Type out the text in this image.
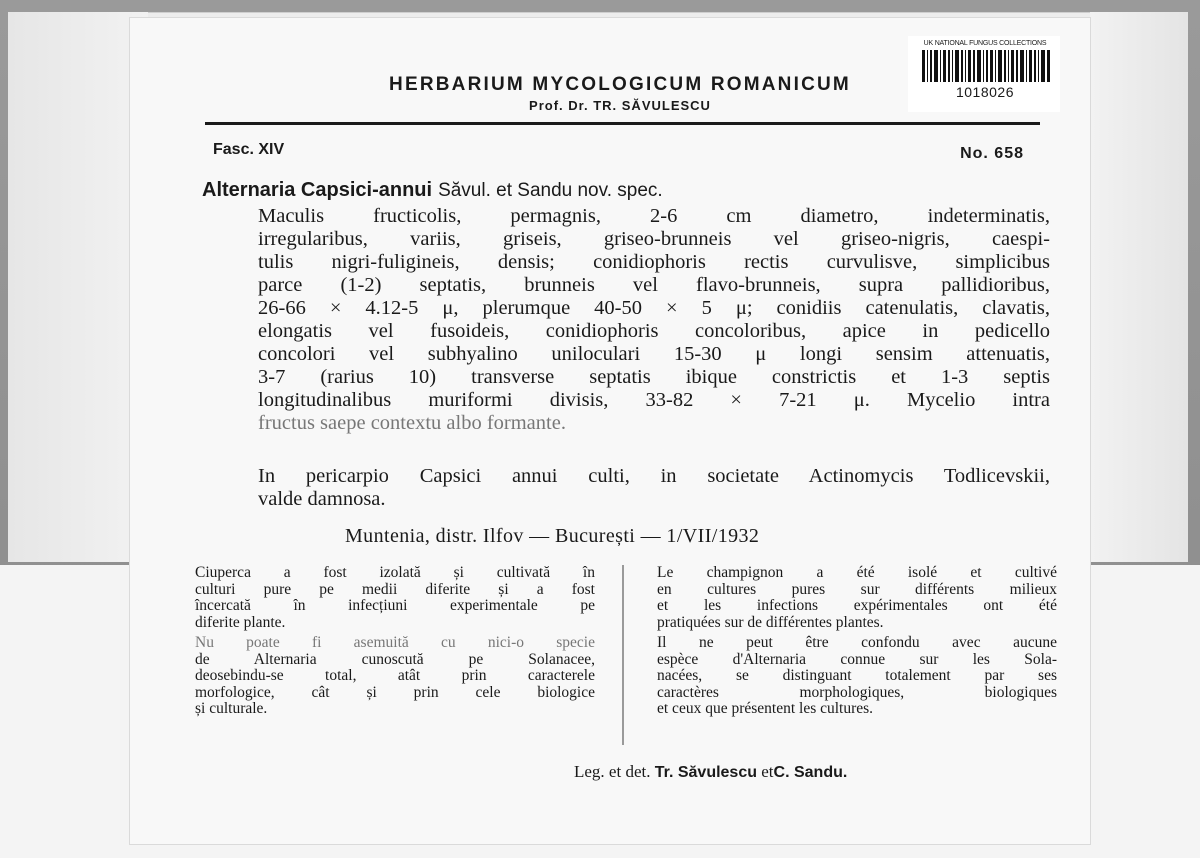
HERBARIUM MYCOLOGICUM ROMANICUM
Prof. Dr. TR. SĂVULESCU
UK NATIONAL FUNGUS COLLECTIONS
1018026
Fasc. XIV	No. 658
Alternaria Capsici-annui Săvul. et Sandu nov. spec.
Maculis fructicolis, permagnis, 2-6 cm diametro, indeterminatis,
irregularibus, variis, griseis, griseo-brunneis vel griseo-nigris, caespi-
tulis nigri-fuligineis, densis; conidiophoris rectis curvulisve, simplicibus
parce (1-2) septatis, brunneis vel flavo-brunneis, supra pallidioribus,
26-66 × 4.12-5 μ, plerumque 40-50 × 5 μ; conidiis catenulatis, clavatis,
elongatis vel fusoideis, conidiophoris concoloribus, apice in pedicello
concolori vel subhyalino uniloculari 15-30 μ longi sensim attenuatis,
3-7 (rarius 10) transverse septatis ibique constrictis et 1-3 septis
longitudinalibus muriformi divisis, 33-82 × 7-21 μ. Mycelio intra
fructus saepe contextu albo formante.
In pericarpio Capsici annui culti, in societate Actinomycis Todlicevskii,
valde damnosa.
Muntenia, distr. Ilfov — București — 1/VII/1932
Ciuperca a fost izolată și cultivată în
culturi pure pe medii diferite și a fost
încercată în infecțiuni experimentale pe
diferite plante.
Nu poate fi asemuită cu nici-o specie
de Alternaria cunoscută pe Solanacee,
deosebindu-se total, atât prin caracterele
morfologice, cât și prin cele biologice
și culturale.
Le champignon a été isolé et cultivé
en cultures pures sur différents milieux
et les infections expérimentales ont été
pratiquées sur de différentes plantes.
Il ne peut être confondu avec aucune
espèce d'Alternaria connue sur les Sola-
nacées, se distinguant totalement par ses
caractères morphologiques, biologiques
et ceux que présentent les cultures.
Leg. et det. Tr. Săvulescu etC. Sandu.
